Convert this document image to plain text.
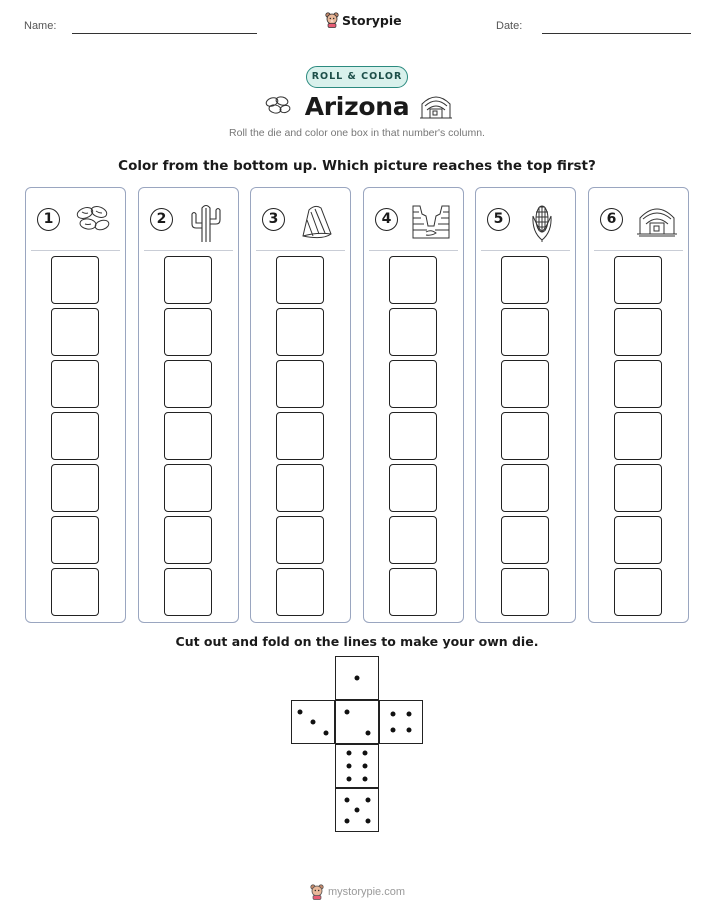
Name:	Storypie	Date:
ROLL & COLOR
Arizona
Roll the die and color one box in that number's column.
Color from the bottom up. Which picture reaches the top first?
1	2	3	4	5	6
Cut out and fold on the lines to make your own die.
mystorypie.com
